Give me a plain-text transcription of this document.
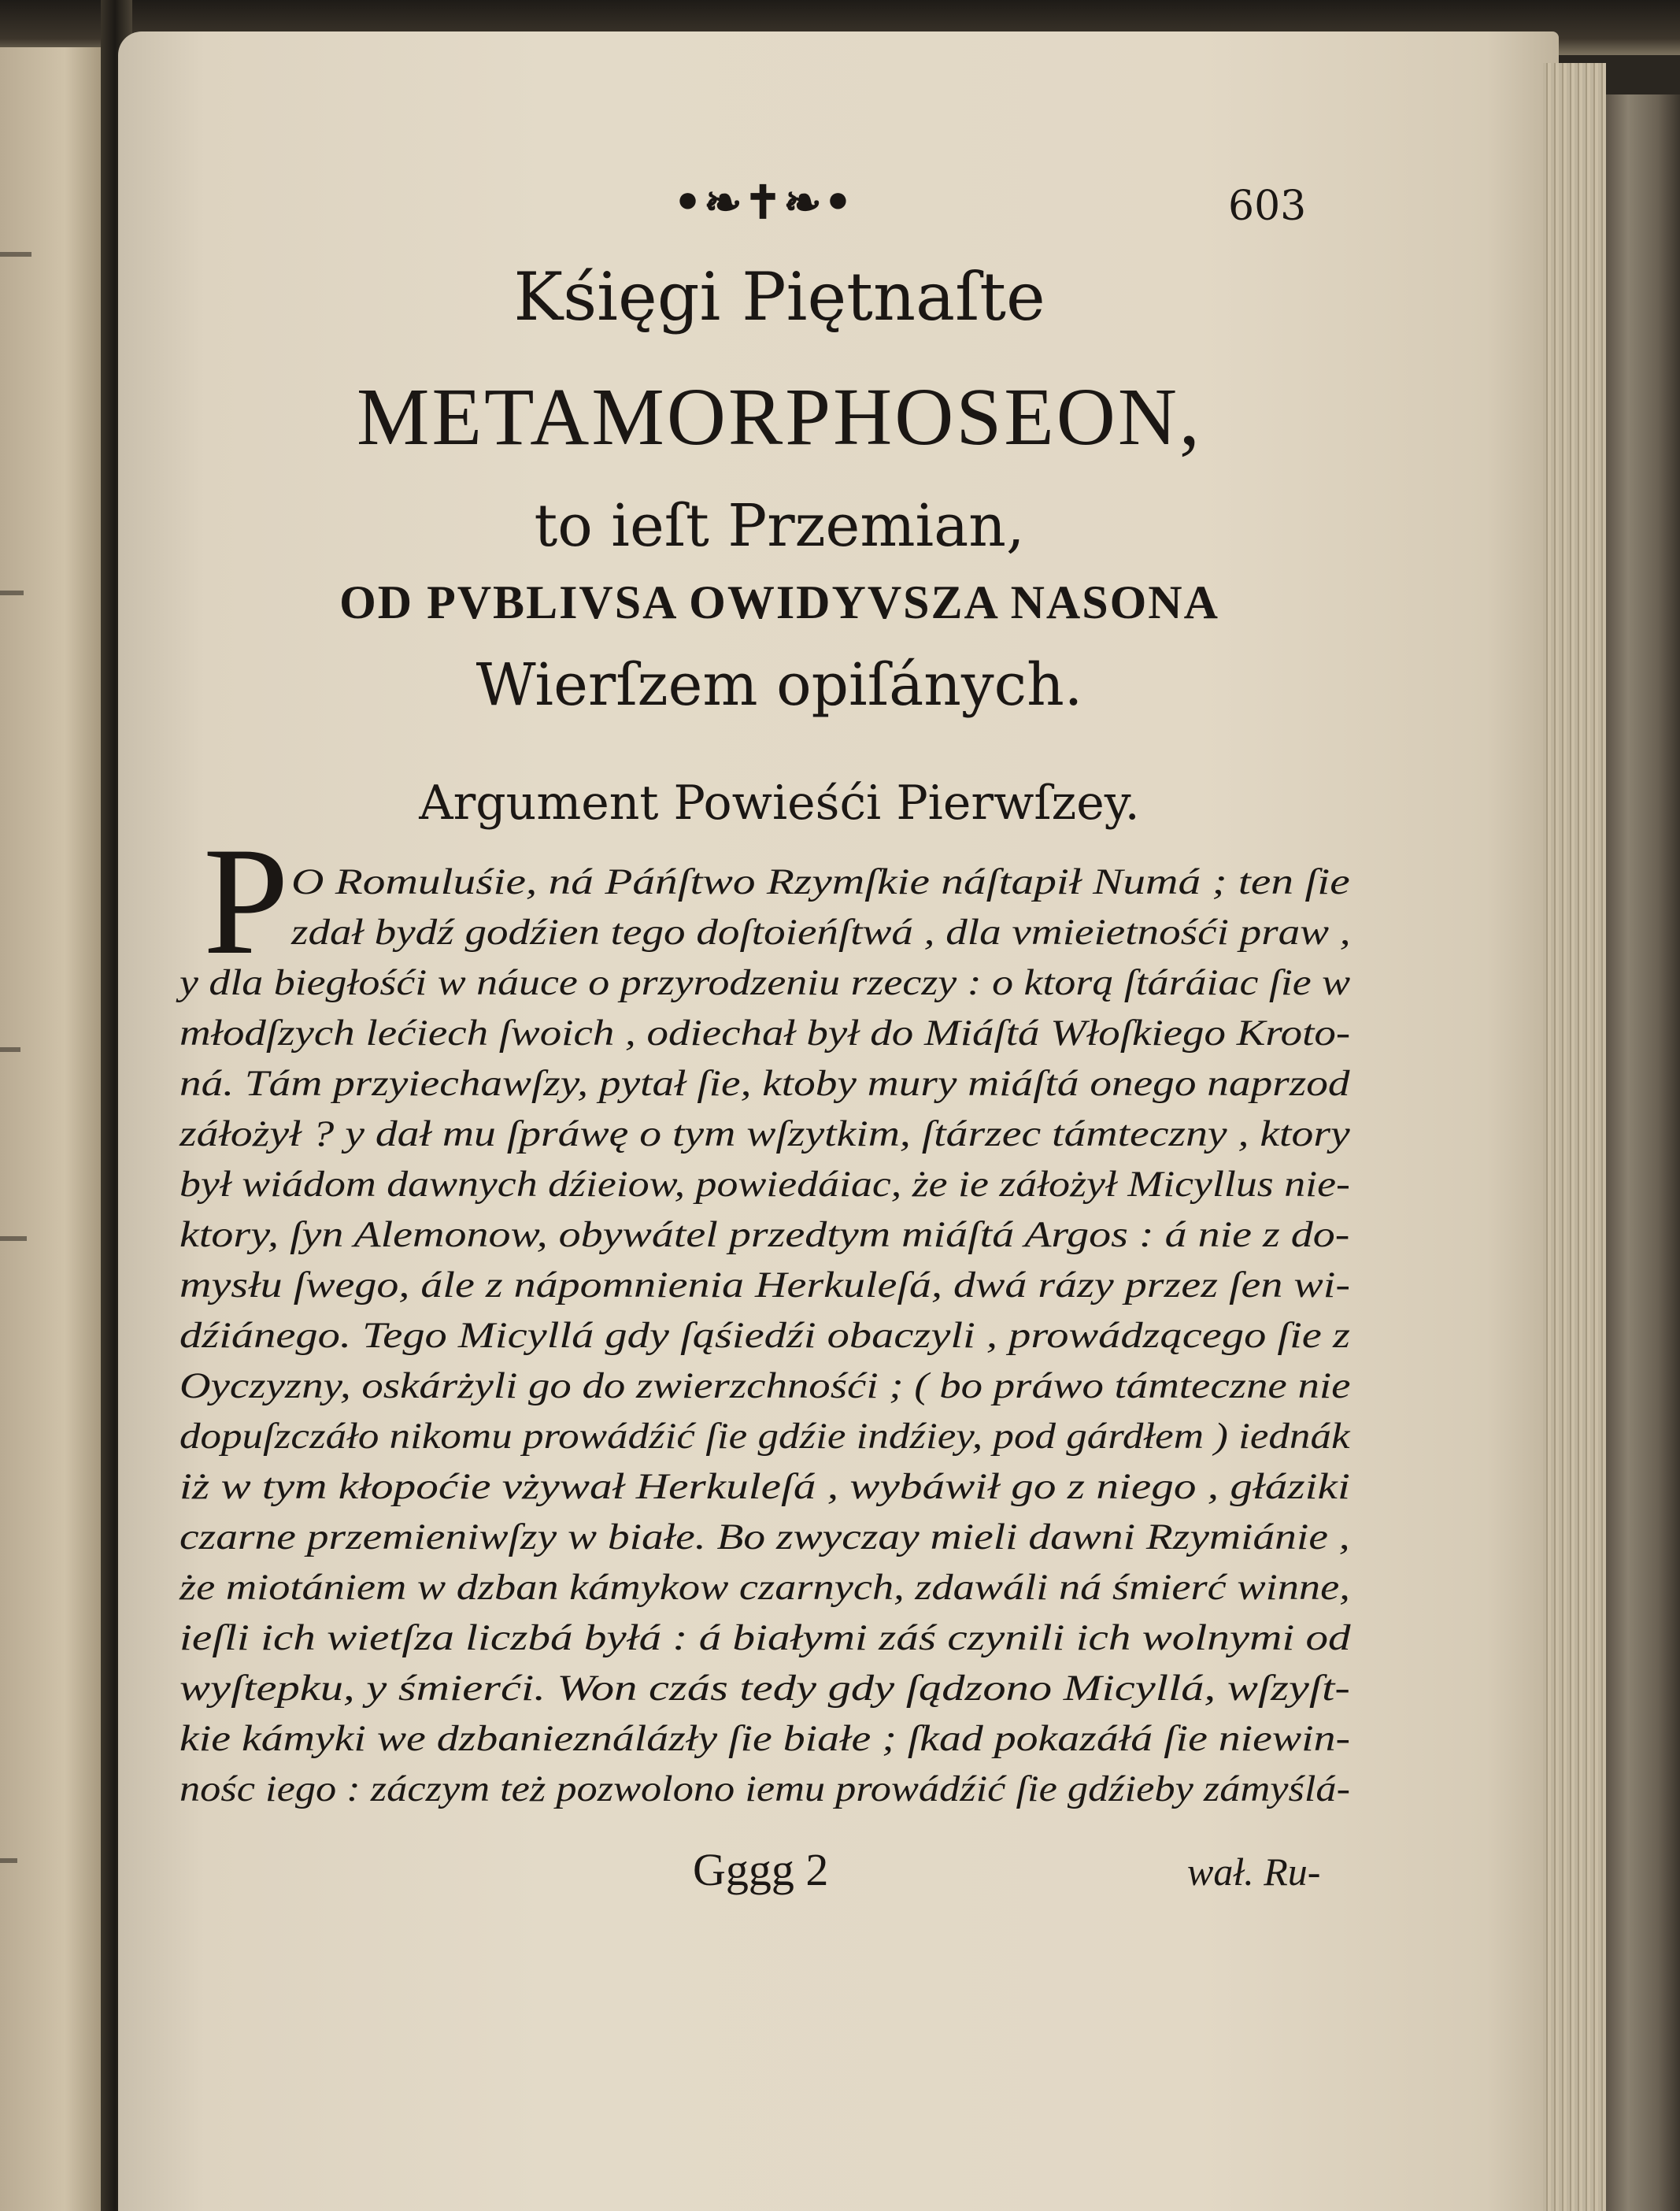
•❧✝❧•	603
Kśięgi Piętnaſte
METAMORPHOSEON,
to ieſt Przemian,
OD PVBLIVSA OWIDYVSZA NASONA
Wierſzem opiſánych.
Argument Powieśći Pierwſzey.
P O Romuluśie, ná Páńſtwo Rzymſkie náſtapił Numá ; ten ſie
zdał bydź godźien tego doſtoieńſtwá , dla vmieietnośći praw ,
y dla biegłośći w náuce o przyrodzeniu rzeczy : o ktorą ſtáráiac ſie w
młodſzych lećiech ſwoich , odiechał był do Miáſtá Włoſkiego Kroto-
ná. Tám przyiechawſzy, pytał ſie, ktoby mury miáſtá onego naprzod
záłożył ? y dał mu ſpráwę o tym wſzytkim, ſtárzec támteczny , ktory
był wiádom dawnych dźieiow, powiedáiac, że ie záłożył Micyllus nie-
ktory, ſyn Alemonow, obywátel przedtym miáſtá Argos : á nie z do-
mysłu ſwego, ále z nápomnienia Herkuleſá, dwá rázy przez ſen wi-
dźiánego. Tego Micyllá gdy ſąśiedźi obaczyli , prowádzącego ſie z
Oyczyzny, oskárżyli go do zwierzchnośći ; ( bo práwo támteczne nie
dopuſzczáło nikomu prowádźić ſie gdźie indźiey, pod gárdłem ) iednák
iż w tym kłopoćie vżywał Herkuleſá , wybáwił go z niego , głáziki
czarne przemieniwſzy w białe. Bo zwyczay mieli dawni Rzymiánie ,
że miotániem w dzban kámykow czarnych, zdawáli ná śmierć winne,
ieſli ich wietſza liczbá byłá : á białymi záś czynili ich wolnymi od
wyſtepku, y śmierći. Won czás tedy gdy ſądzono Micyllá, wſzyſt-
kie kámyki we dzbanieználázły ſie białe ; ſkad pokazáłá ſie niewin-
nośc iego : záczym też pozwolono iemu prowádźić ſie gdźieby zámyślá-
Gggg 2	wał. Ru-
